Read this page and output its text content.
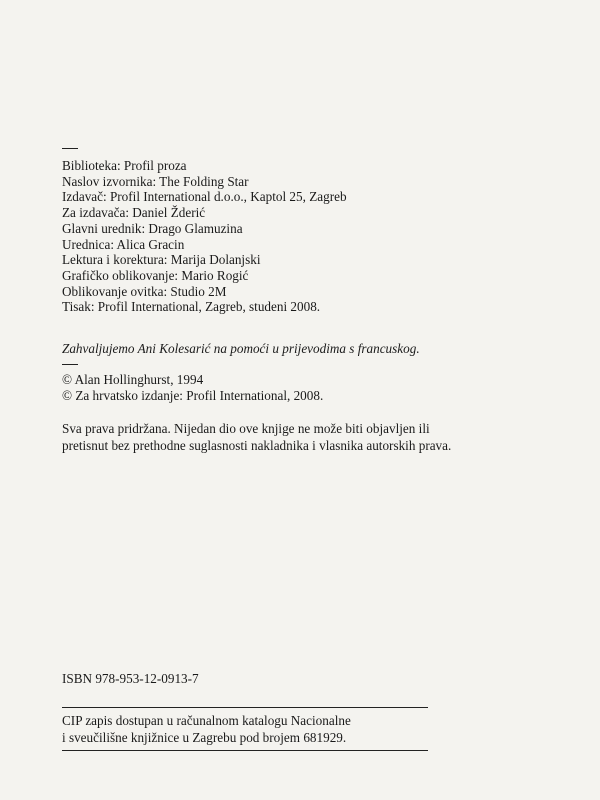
Biblioteka: Profil proza
Naslov izvornika: The Folding Star
Izdavač: Profil International d.o.o., Kaptol 25, Zagreb
Za izdavača: Daniel Žderić
Glavni urednik: Drago Glamuzina
Urednica: Alica Gracin
Lektura i korektura: Marija Dolanjski
Grafičko oblikovanje: Mario Rogić
Oblikovanje ovitka: Studio 2M
Tisak: Profil International, Zagreb, studeni 2008.
Zahvaljujemo Ani Kolesarić na pomoći u prijevodima s francuskog.
© Alan Hollinghurst, 1994
© Za hrvatsko izdanje: Profil International, 2008.
Sva prava pridržana. Nijedan dio ove knjige ne može biti objavljen ili
pretisnut bez prethodne suglasnosti nakladnika i vlasnika autorskih prava.
ISBN 978-953-12-0913-7
CIP zapis dostupan u računalnom katalogu Nacionalne
i sveučilišne knjižnice u Zagrebu pod brojem 681929.
